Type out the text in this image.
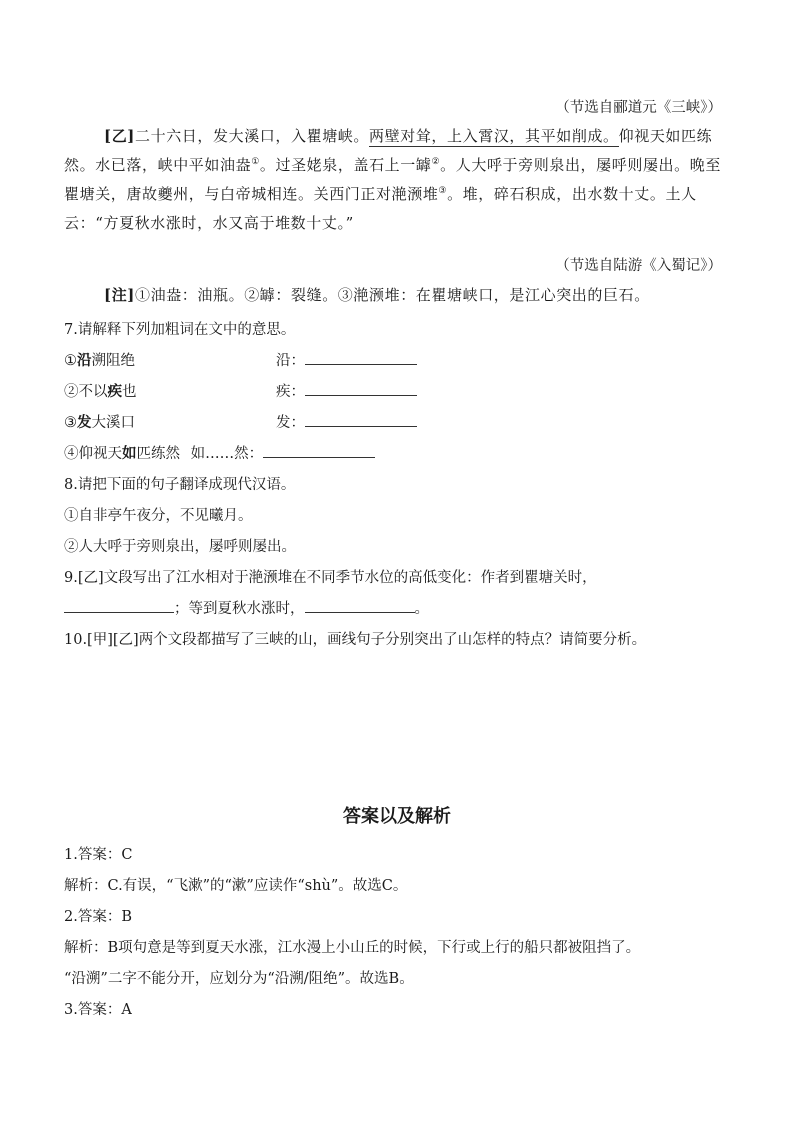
（节选自郦道元《三峡》）
[乙]二十六日，发大溪口，入瞿塘峡。两壁对耸，上入霄汉，其平如削成。仰视天如匹练然。水已落，峡中平如油盎①。过圣姥泉，盖石上一罅②。人大呼于旁则泉出，屡呼则屡出。晚至瞿塘关，唐故夔州，与白帝城相连。关西门正对滟滪堆③。堆，碎石积成，出水数十丈。土人云：“方夏秋水涨时，水又高于堆数十丈。”
（节选自陆游《入蜀记》）
[注]①油盎：油瓶。②罅：裂缝。③滟滪堆：在瞿塘峡口，是江心突出的巨石。
7.请解释下列加粗词在文中的意思。
①沿溯阻绝	沿：
②不以疾也	疾：
③发大溪口	发：
④仰视天如匹练然 如……然：
8.请把下面的句子翻译成现代汉语。
①自非亭午夜分，不见曦月。
②人大呼于旁则泉出，屡呼则屡出。
9.[乙]文段写出了江水相对于滟滪堆在不同季节水位的高低变化：作者到瞿塘关时，
；等到夏秋水涨时，	。
10.[甲][乙]两个文段都描写了三峡的山，画线句子分别突出了山怎样的特点？请简要分析。
答案以及解析
1.答案：C
解析：C.有误，“飞漱”的“漱”应读作“shù”。故选C。
2.答案：B
解析：B项句意是等到夏天水涨，江水漫上小山丘的时候，下行或上行的船只都被阻挡了。
“沿溯”二字不能分开，应划分为“沿溯/阻绝”。故选B。
3.答案：A
